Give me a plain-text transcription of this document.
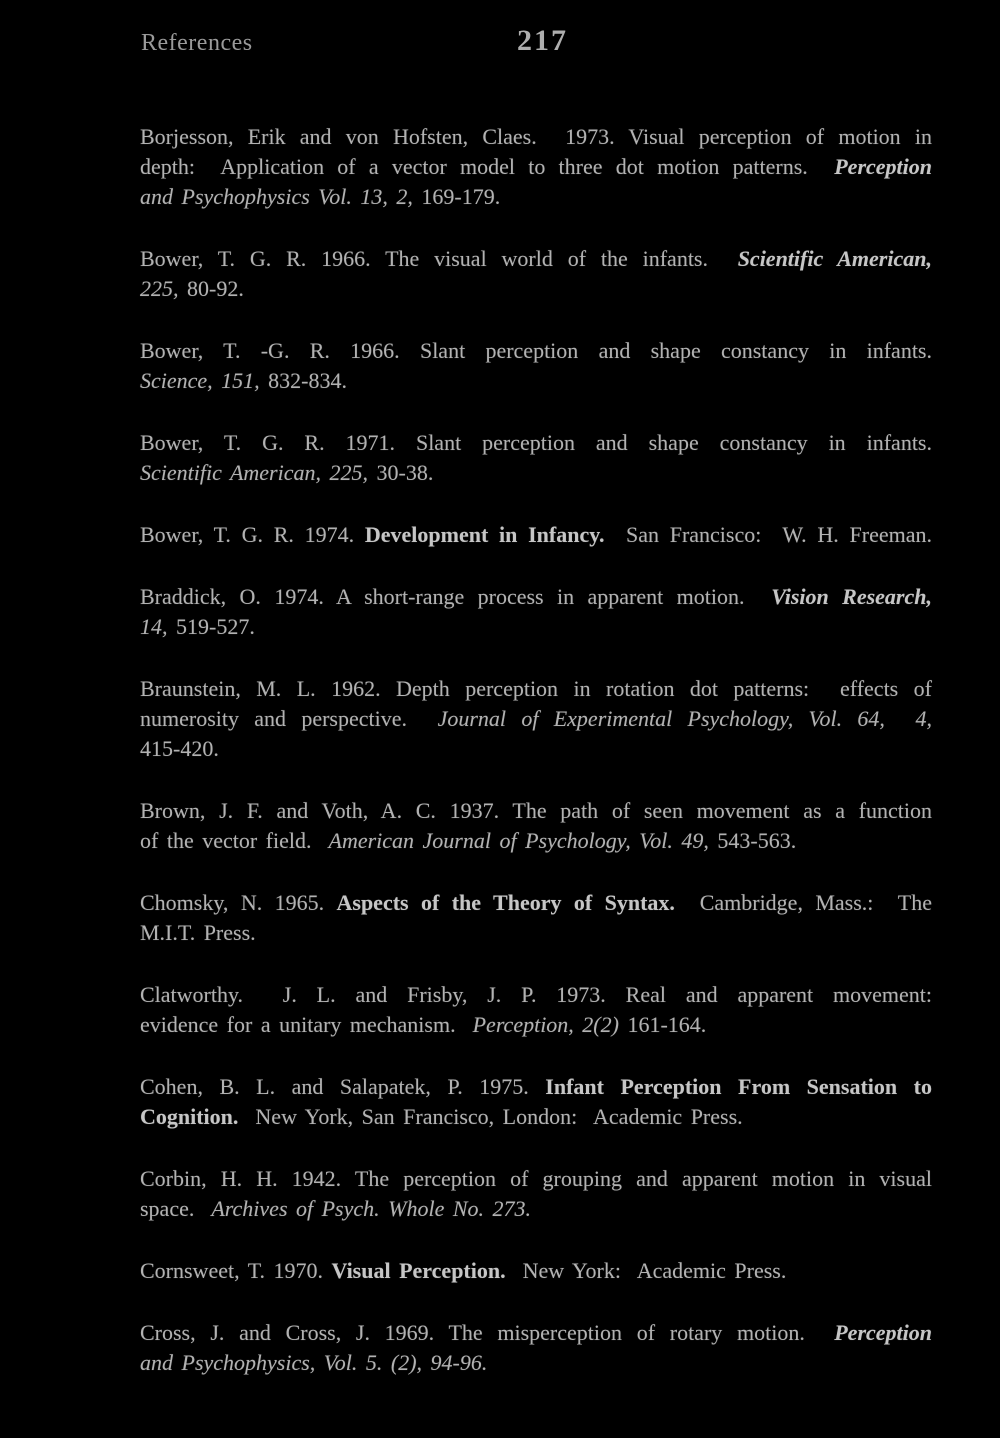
References	217

Borjesson, Erik and von Hofsten, Claes.  1973. Visual perception of motion in
depth:  Application of a vector model to three dot motion patterns.  Perception
and Psychophysics Vol. 13, 2, 169-179.

Bower, T. G. R. 1966. The visual world of the infants.  Scientific American,
225, 80-92.

Bower, T. -G. R. 1966. Slant perception and shape constancy in infants.
Science, 151, 832-834.

Bower, T. G. R. 1971. Slant perception and shape constancy in infants.
Scientific American, 225, 30-38.

Bower, T. G. R. 1974. Development in Infancy.  San Francisco:  W. H. Freeman.

Braddick, O. 1974. A short-range process in apparent motion.  Vision Research,
14, 519-527.

Braunstein, M. L. 1962. Depth perception in rotation dot patterns:  effects of
numerosity and perspective.  Journal of Experimental Psychology, Vol. 64,  4,
415-420.

Brown, J. F. and Voth, A. C. 1937. The path of seen movement as a function
of the vector field.  American Journal of Psychology, Vol. 49, 543-563.

Chomsky, N. 1965. Aspects of the Theory of Syntax.  Cambridge, Mass.:  The
M.I.T. Press.

Clatworthy.  J. L. and Frisby, J. P. 1973. Real and apparent movement:
evidence for a unitary mechanism.  Perception, 2(2) 161-164.

Cohen, B. L. and Salapatek, P. 1975. Infant Perception From Sensation to
Cognition.  New York, San Francisco, London:  Academic Press.

Corbin, H. H. 1942. The perception of grouping and apparent motion in visual
space.  Archives of Psych. Whole No. 273.

Cornsweet, T. 1970. Visual Perception.  New York:  Academic Press.

Cross, J. and Cross, J. 1969. The misperception of rotary motion.  Perception
and Psychophysics, Vol. 5. (2), 94-96.
